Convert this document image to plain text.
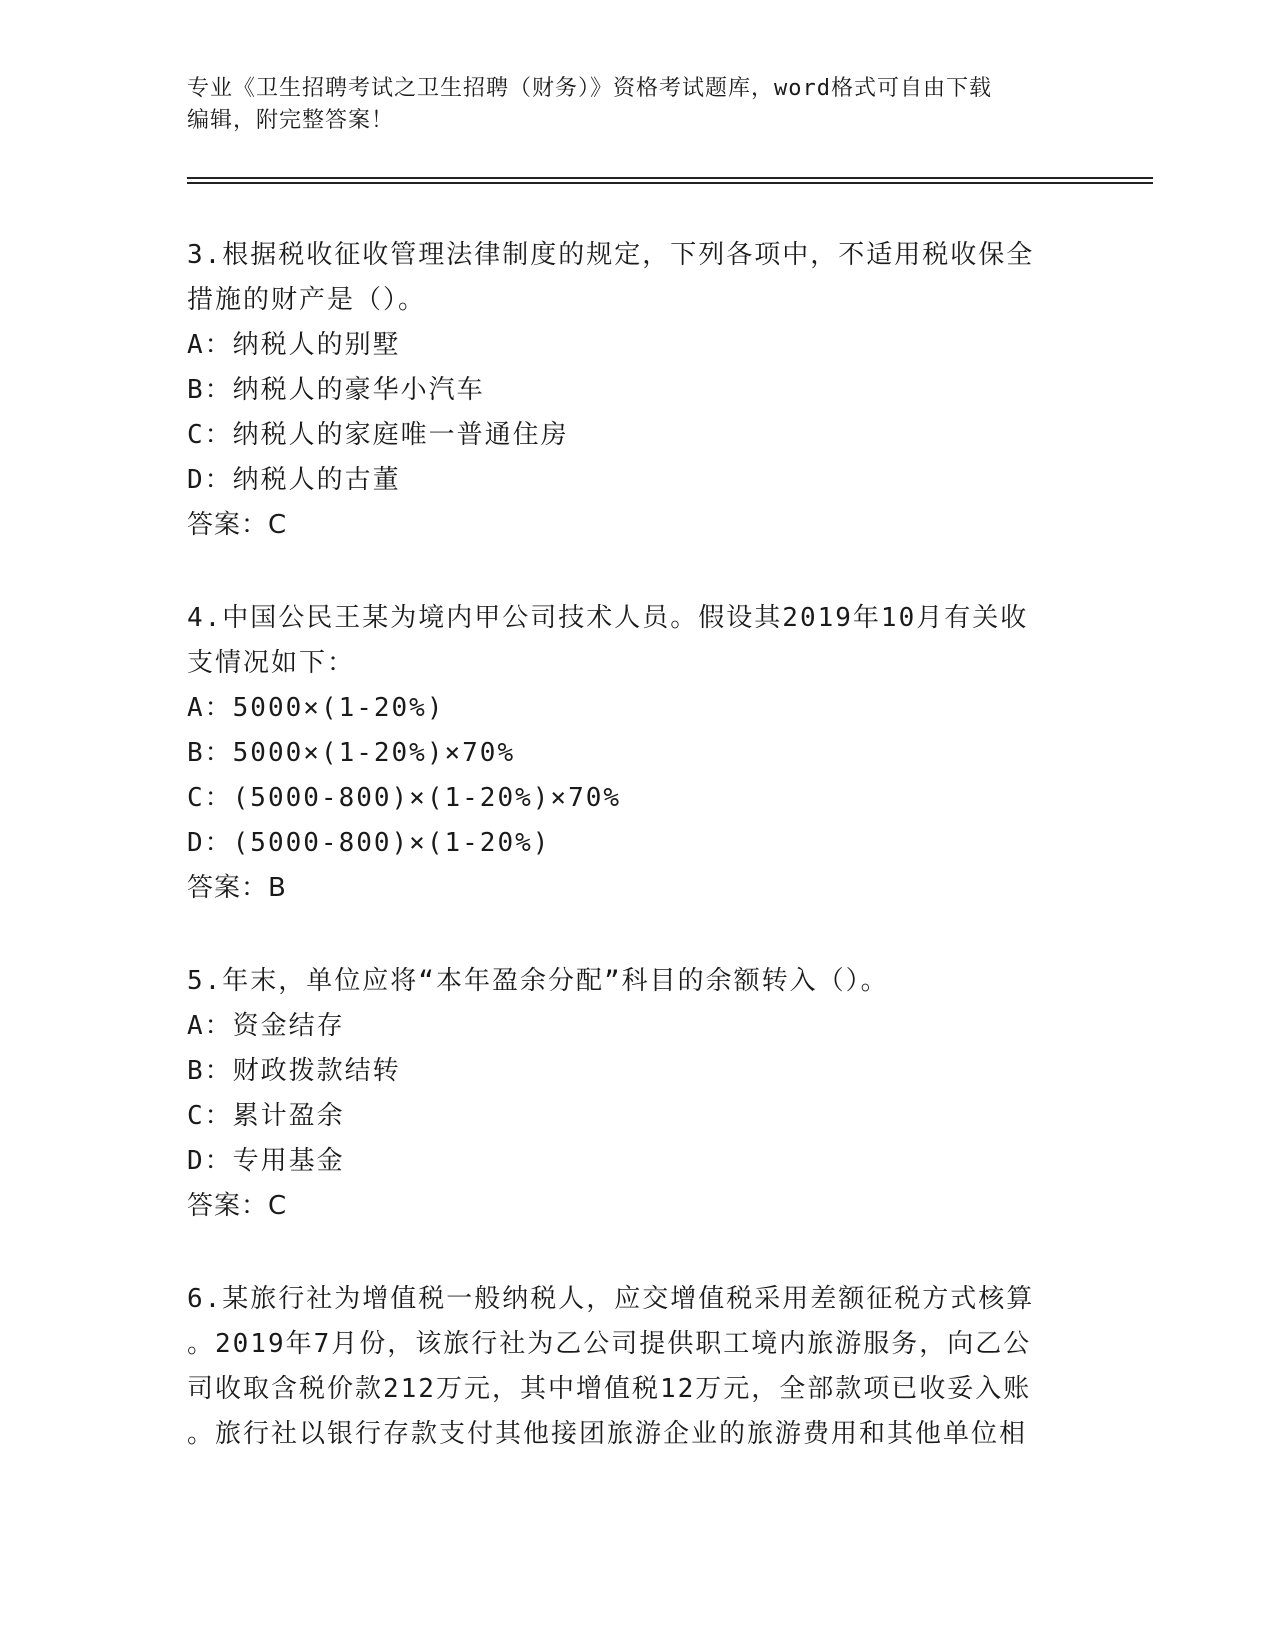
专业《卫生招聘考试之卫生招聘（财务）》资格考试题库，word格式可自由下载
编辑，附完整答案！
3.根据税收征收管理法律制度的规定，下列各项中，不适用税收保全
措施的财产是（）。
A：纳税人的别墅
B：纳税人的豪华小汽车
C：纳税人的家庭唯一普通住房
D：纳税人的古董
答案：C
4.中国公民王某为境内甲公司技术人员。假设其2019年10月有关收
支情况如下：
A：5000×(1-20%)
B：5000×(1-20%)×70%
C：(5000-800)×(1-20%)×70%
D：(5000-800)×(1-20%)
答案：B
5.年末，单位应将“本年盈余分配”科目的余额转入（）。
A：资金结存
B：财政拨款结转
C：累计盈余
D：专用基金
答案：C
6.某旅行社为增值税一般纳税人，应交增值税采用差额征税方式核算
。2019年7月份，该旅行社为乙公司提供职工境内旅游服务，向乙公
司收取含税价款212万元，其中增值税12万元，全部款项已收妥入账
。旅行社以银行存款支付其他接团旅游企业的旅游费用和其他单位相
